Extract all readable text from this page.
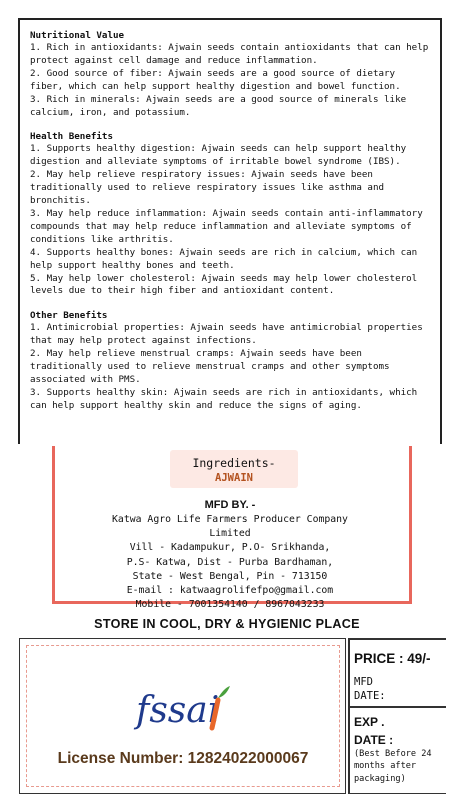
Nutritional Value

1. Rich in antioxidants: Ajwain seeds contain antioxidants that can help protect against cell damage and reduce inflammation.

2. Good source of fiber: Ajwain seeds are a good source of dietary fiber, which can help support healthy digestion and bowel function.

3. Rich in minerals: Ajwain seeds are a good source of minerals like calcium, iron, and potassium.

Health Benefits

1. Supports healthy digestion: Ajwain seeds can help support healthy digestion and alleviate symptoms of irritable bowel syndrome (IBS).

2. May help relieve respiratory issues: Ajwain seeds have been traditionally used to relieve respiratory issues like asthma and bronchitis.

3. May help reduce inflammation: Ajwain seeds contain anti-inflammatory compounds that may help reduce inflammation and alleviate symptoms of conditions like arthritis.

4. Supports healthy bones: Ajwain seeds are rich in calcium, which can help support healthy bones and teeth.

5. May help lower cholesterol: Ajwain seeds may help lower cholesterol levels due to their high fiber and antioxidant content.

Other Benefits

1. Antimicrobial properties: Ajwain seeds have antimicrobial properties that may help protect against infections.

2. May help relieve menstrual cramps: Ajwain seeds have been traditionally used to relieve menstrual cramps and other symptoms associated with PMS.

3. Supports healthy skin: Ajwain seeds are rich in antioxidants, which can help support healthy skin and reduce the signs of aging.

Ingredients-
AJWAIN
MFD BY. -
Katwa Agro Life Farmers Producer Company
Limited
Vill - Kadampukur, P.O- Srikhanda,
P.S- Katwa, Dist - Purba Bardhaman,
State - West Bengal, Pin - 713150
E-mail : katwaagrolifefpo@gmail.com
Mobile - 7001354140 / 8967043233
STORE IN COOL, DRY & HYGIENIC PLACE
fssai
License Number: 12824022000067
PRICE : 49/-
MFD
DATE:
EXP .
DATE :
(Best Before 24
months after
packaging)
